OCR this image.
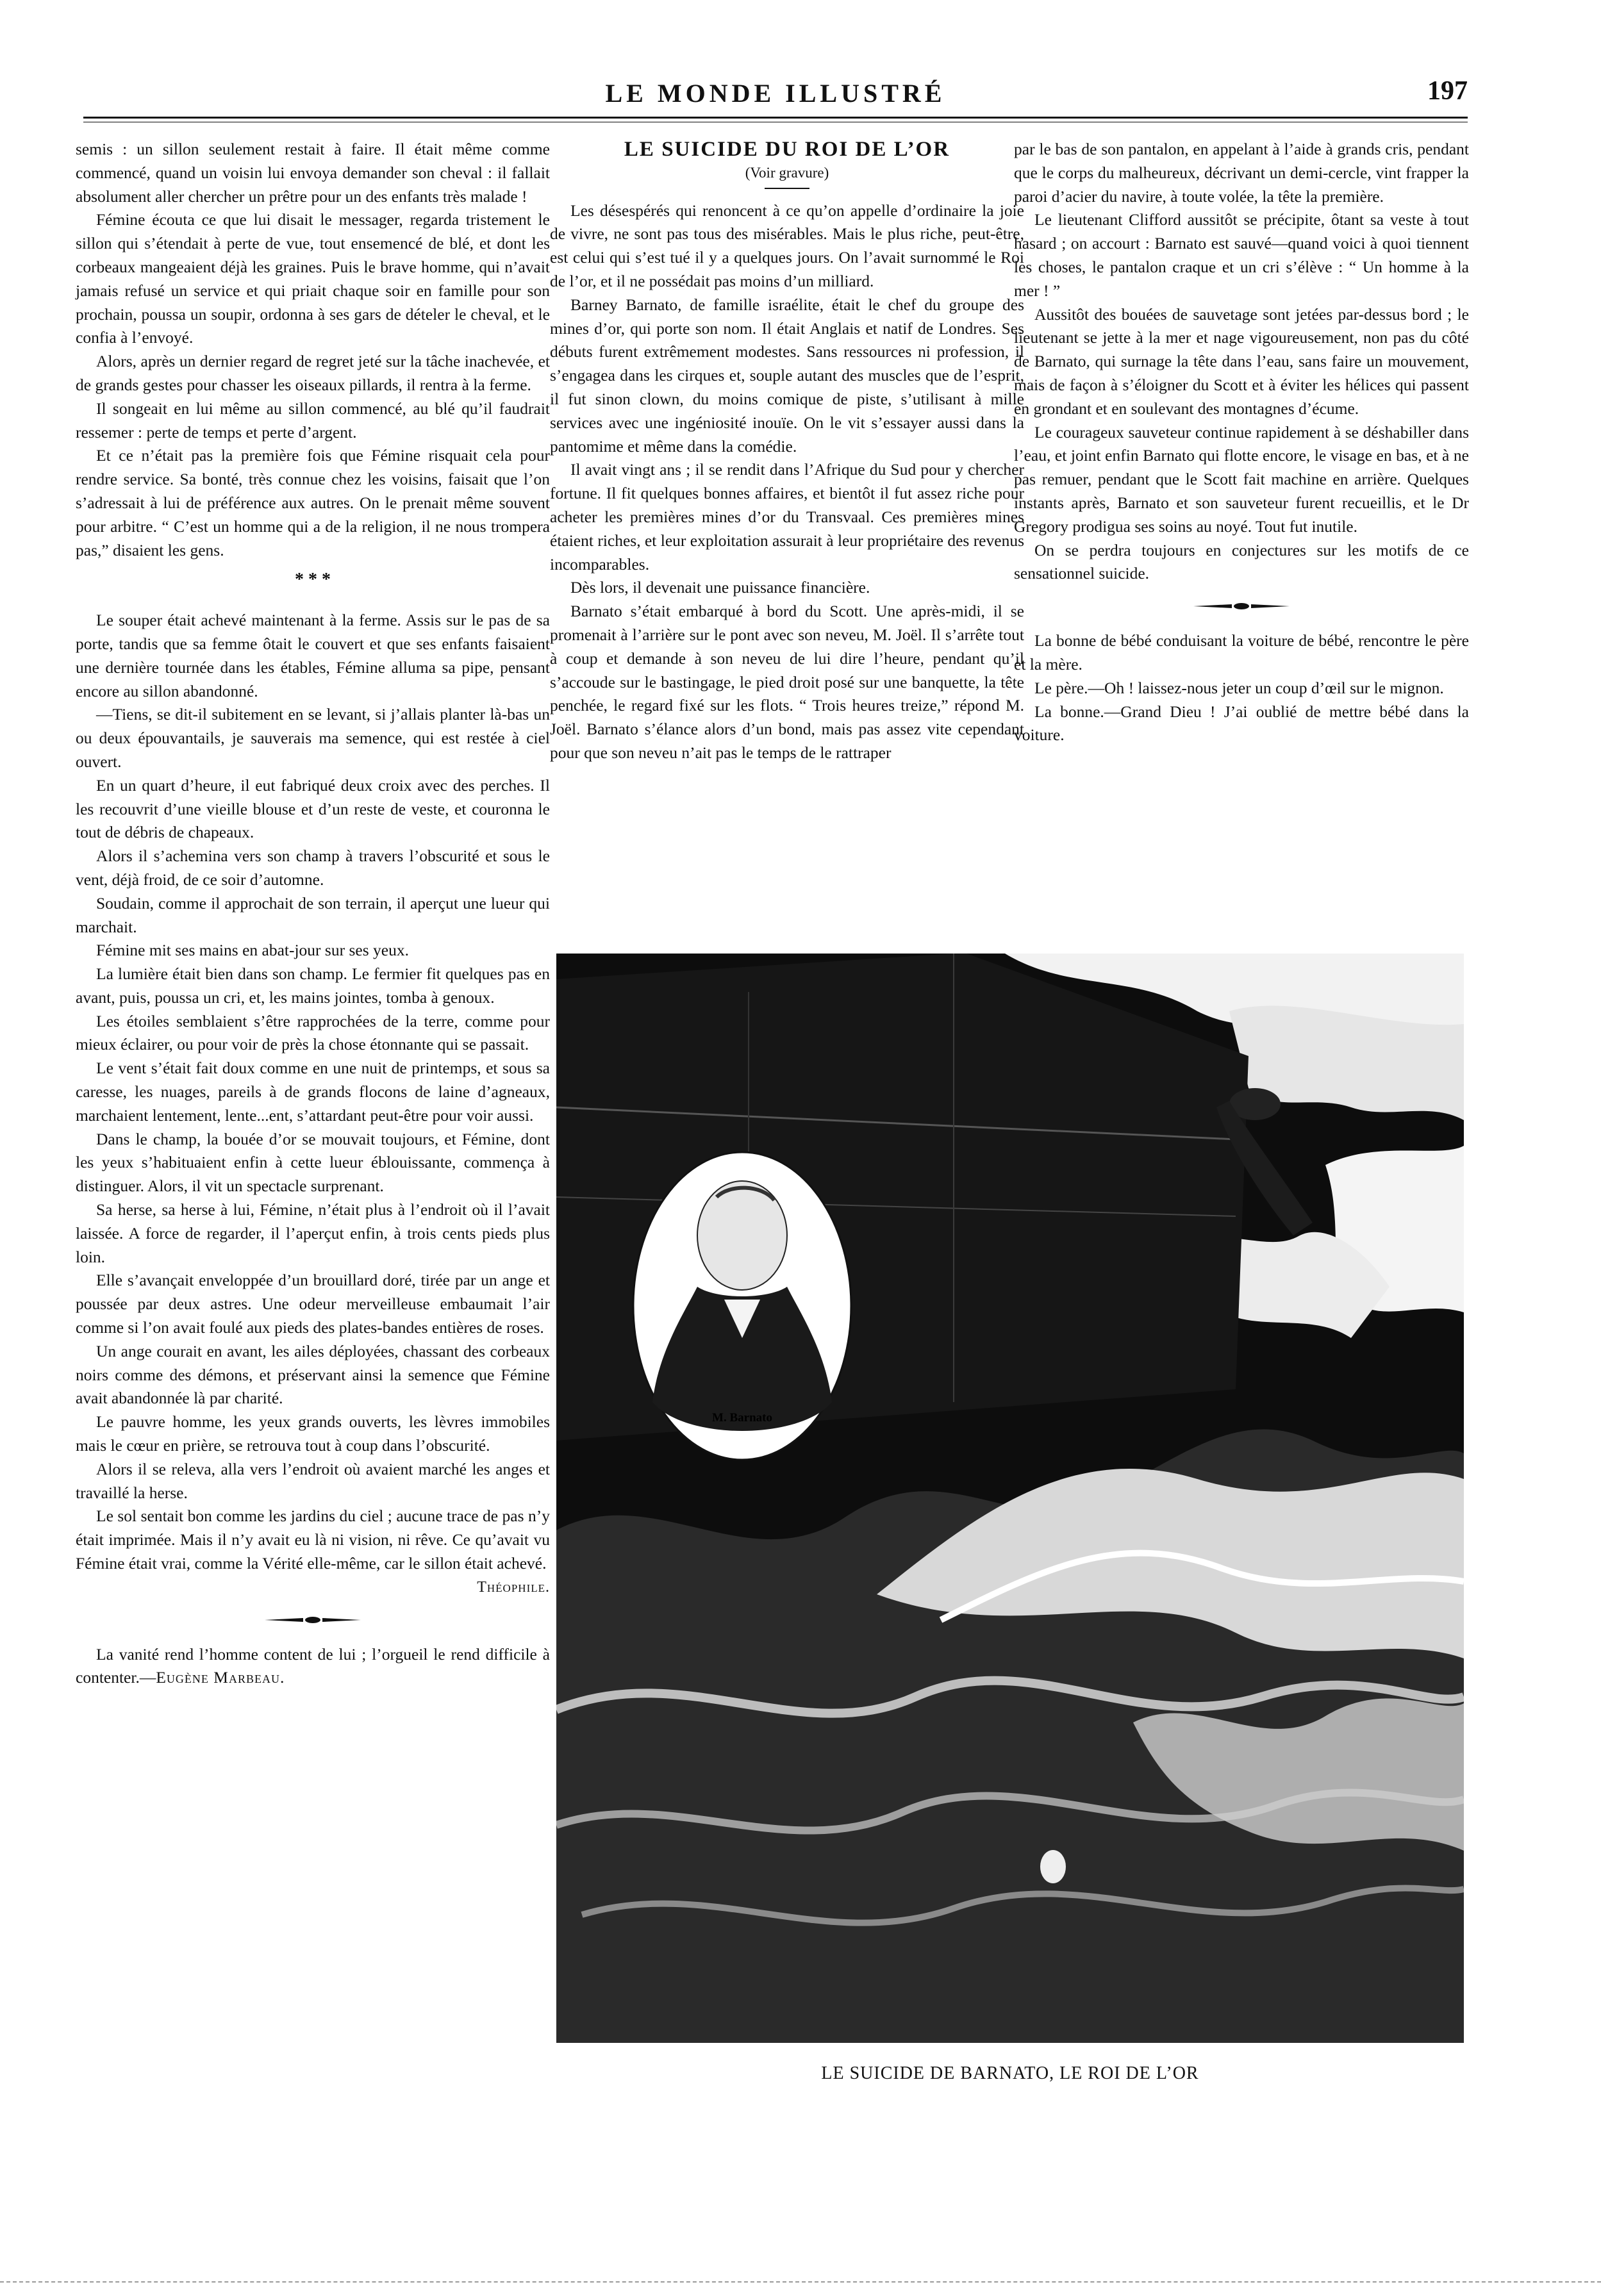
LE MONDE ILLUSTRÉ	197

semis : un sillon seulement restait à faire. Il était même comme commencé, quand un voisin lui envoya demander son cheval : il fallait absolument aller chercher un prêtre pour un des enfants très malade !

Fémine écouta ce que lui disait le messager, regarda tristement le sillon qui s’étendait à perte de vue, tout ensemencé de blé, et dont les corbeaux mangeaient déjà les graines. Puis le brave homme, qui n’avait jamais refusé un service et qui priait chaque soir en famille pour son prochain, poussa un soupir, ordonna à ses gars de dételer le cheval, et le confia à l’envoyé.

Alors, après un dernier regard de regret jeté sur la tâche inachevée, et de grands gestes pour chasser les oiseaux pillards, il rentra à la ferme.

Il songeait en lui même au sillon commencé, au blé qu’il faudrait ressemer : perte de temps et perte d’argent.

Et ce n’était pas la première fois que Fémine risquait cela pour rendre service. Sa bonté, très connue chez les voisins, faisait que l’on s’adressait à lui de préférence aux autres. On le prenait même souvent pour arbitre. “ C’est un homme qui a de la religion, il ne nous trompera pas,” disaient les gens.

* * *

Le souper était achevé maintenant à la ferme. Assis sur le pas de sa porte, tandis que sa femme ôtait le couvert et que ses enfants faisaient une dernière tournée dans les étables, Fémine alluma sa pipe, pensant encore au sillon abandonné.

—Tiens, se dit-il subitement en se levant, si j’allais planter là-bas un ou deux épouvantails, je sauverais ma semence, qui est restée à ciel ouvert.

En un quart d’heure, il eut fabriqué deux croix avec des perches. Il les recouvrit d’une vieille blouse et d’un reste de veste, et couronna le tout de débris de chapeaux.

Alors il s’achemina vers son champ à travers l’obscurité et sous le vent, déjà froid, de ce soir d’automne.

Soudain, comme il approchait de son terrain, il aperçut une lueur qui marchait.

Fémine mit ses mains en abat-jour sur ses yeux.

La lumière était bien dans son champ. Le fermier fit quelques pas en avant, puis, poussa un cri, et, les mains jointes, tomba à genoux.

Les étoiles semblaient s’être rapprochées de la terre, comme pour mieux éclairer, ou pour voir de près la chose étonnante qui se passait.

Le vent s’était fait doux comme en une nuit de printemps, et sous sa caresse, les nuages, pareils à de grands flocons de laine d’agneaux, marchaient lentement, lente...ent, s’attardant peut-être pour voir aussi.

Dans le champ, la bouée d’or se mouvait toujours, et Fémine, dont les yeux s’habituaient enfin à cette lueur éblouissante, commença à distinguer. Alors, il vit un spectacle surprenant.

Sa herse, sa herse à lui, Fémine, n’était plus à l’endroit où il l’avait laissée. A force de regarder, il l’aperçut enfin, à trois cents pieds plus loin.

Elle s’avançait enveloppée d’un brouillard doré, tirée par un ange et poussée par deux astres. Une odeur merveilleuse embaumait l’air comme si l’on avait foulé aux pieds des plates-bandes entières de roses.

Un ange courait en avant, les ailes déployées, chassant des corbeaux noirs comme des démons, et préservant ainsi la semence que Fémine avait abandonnée là par charité.

Le pauvre homme, les yeux grands ouverts, les lèvres immobiles mais le cœur en prière, se retrouva tout à coup dans l’obscurité.

Alors il se releva, alla vers l’endroit où avaient marché les anges et travaillé la herse.

Le sol sentait bon comme les jardins du ciel ; aucune trace de pas n’y était imprimée. Mais il n’y avait eu là ni vision, ni rêve. Ce qu’avait vu Fémine était vrai, comme la Vérité elle-même, car le sillon était achevé.

Théophile.

La vanité rend l’homme content de lui ; l’orgueil le rend difficile à contenter.—Eugène Marbeau.

LE SUICIDE DU ROI DE L’OR

(Voir gravure)

Les désespérés qui renoncent à ce qu’on appelle d’ordinaire la joie de vivre, ne sont pas tous des misérables. Mais le plus riche, peut-être, est celui qui s’est tué il y a quelques jours. On l’avait surnommé le Roi de l’or, et il ne possédait pas moins d’un milliard.

Barney Barnato, de famille israélite, était le chef du groupe des mines d’or, qui porte son nom. Il était Anglais et natif de Londres. Ses débuts furent extrêmement modestes. Sans ressources ni profession, il s’engagea dans les cirques et, souple autant des muscles que de l’esprit, il fut sinon clown, du moins comique de piste, s’utilisant à mille services avec une ingéniosité inouïe. On le vit s’essayer aussi dans la pantomime et même dans la comédie.

Il avait vingt ans ; il se rendit dans l’Afrique du Sud pour y chercher fortune. Il fit quelques bonnes affaires, et bientôt il fut assez riche pour acheter les premières mines d’or du Transvaal. Ces premières mines étaient riches, et leur exploitation assurait à leur propriétaire des revenus incomparables.

Dès lors, il devenait une puissance financière.

Barnato s’était embarqué à bord du Scott. Une après-midi, il se promenait à l’arrière sur le pont avec son neveu, M. Joël. Il s’arrête tout à coup et demande à son neveu de lui dire l’heure, pendant qu’il s’accoude sur le bastingage, le pied droit posé sur une banquette, la tête penchée, le regard fixé sur les flots. “ Trois heures treize,” répond M. Joël. Barnato s’élance alors d’un bond, mais pas assez vite cependant pour que son neveu n’ait pas le temps de le rattraper

par le bas de son pantalon, en appelant à l’aide à grands cris, pendant que le corps du malheureux, décrivant un demi-cercle, vint frapper la paroi d’acier du navire, à toute volée, la tête la première.

Le lieutenant Clifford aussitôt se précipite, ôtant sa veste à tout hasard ; on accourt : Barnato est sauvé—quand voici à quoi tiennent les choses, le pantalon craque et un cri s’élève : “ Un homme à la mer ! ”

Aussitôt des bouées de sauvetage sont jetées par-dessus bord ; le lieutenant se jette à la mer et nage vigoureusement, non pas du côté de Barnato, qui surnage la tête dans l’eau, sans faire un mouvement, mais de façon à s’éloigner du Scott et à éviter les hélices qui passent en grondant et en soulevant des montagnes d’écume.

Le courageux sauveteur continue rapidement à se déshabiller dans l’eau, et joint enfin Barnato qui flotte encore, le visage en bas, et à ne pas remuer, pendant que le Scott fait machine en arrière. Quelques instants après, Barnato et son sauveteur furent recueillis, et le Dr Gregory prodigua ses soins au noyé. Tout fut inutile.

On se perdra toujours en conjectures sur les motifs de ce sensationnel suicide.

La bonne de bébé conduisant la voiture de bébé, rencontre le père et la mère.

Le père.—Oh ! laissez-nous jeter un coup d’œil sur le mignon.

La bonne.—Grand Dieu ! J’ai oublié de mettre bébé dans la voiture.

M. Barnato
LE SUICIDE DE BARNATO, LE ROI DE L’OR
